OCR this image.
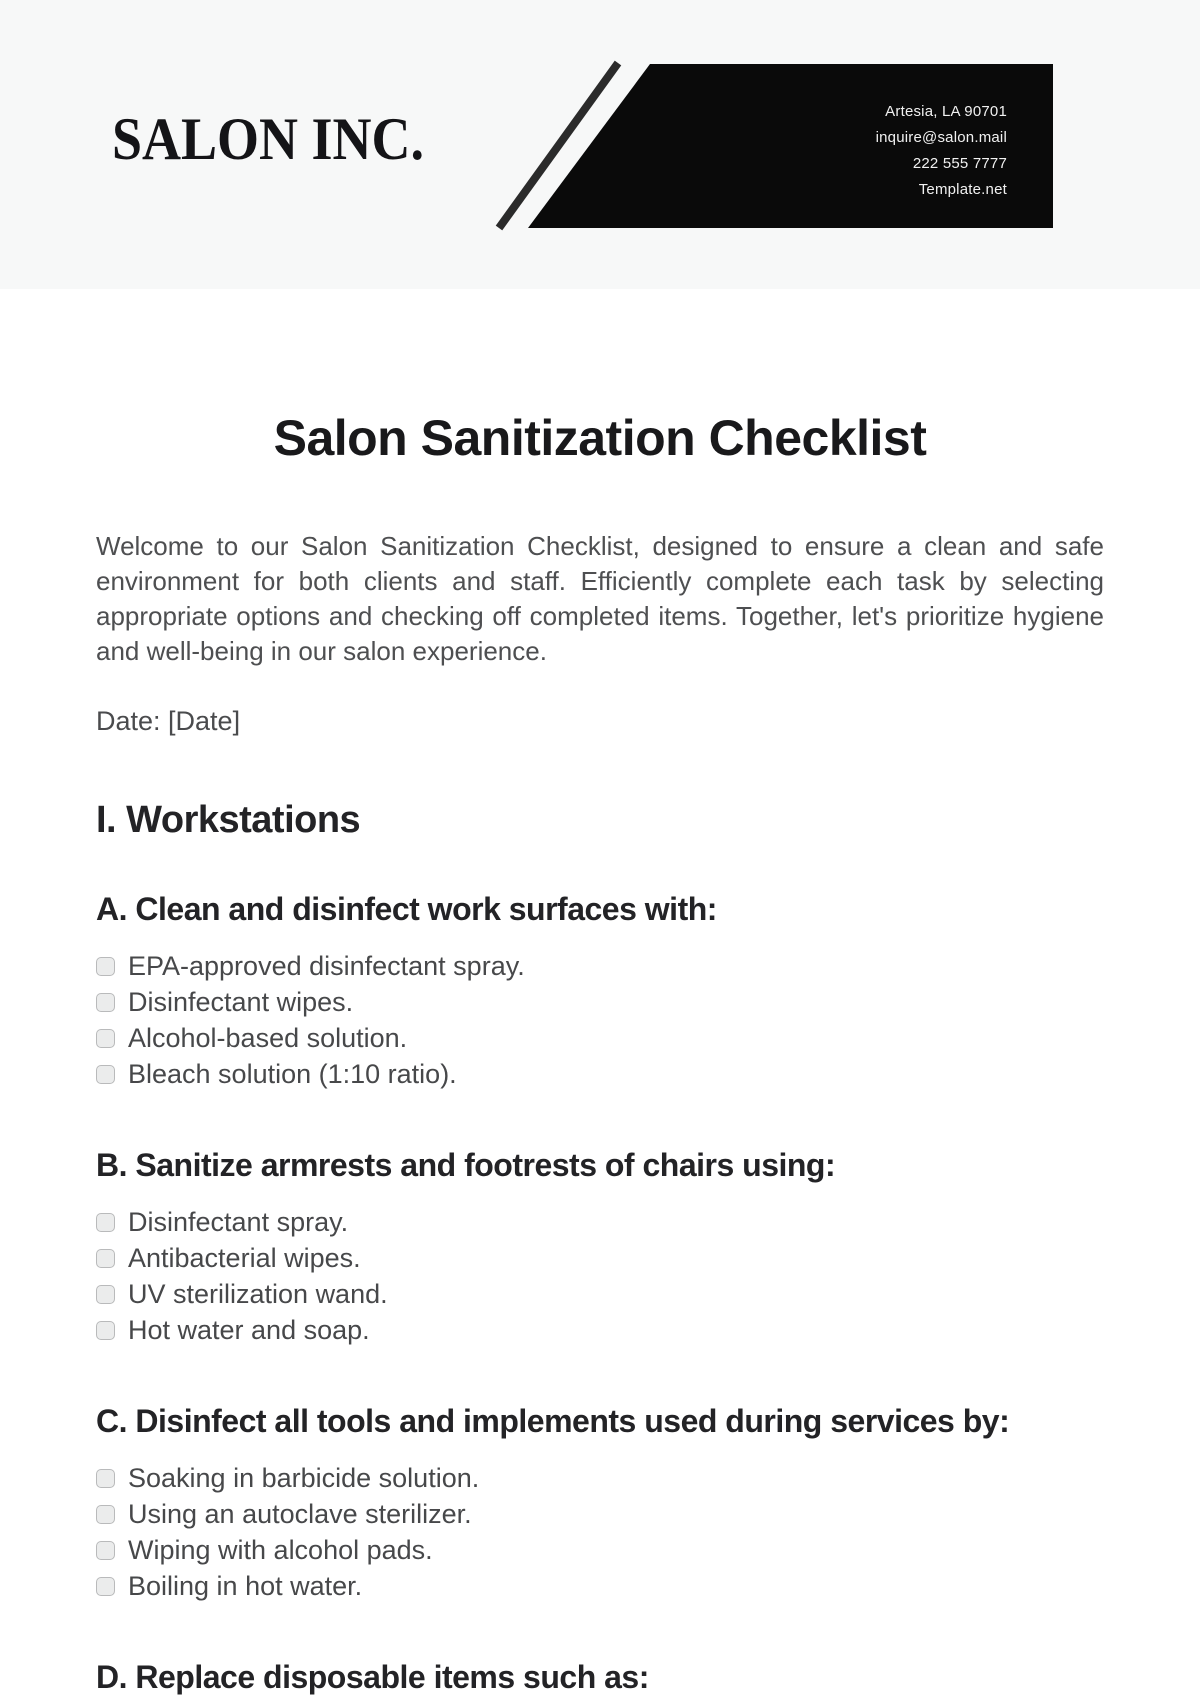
SALON INC.	Artesia, LA 90701
inquire@salon.mail
222 555 7777
Template.net
Salon Sanitization Checklist

Welcome to our Salon Sanitization Checklist, designed to ensure a clean and safe environment for both clients and staff. Efficiently complete each task by selecting appropriate options and checking off completed items. Together, let's prioritize hygiene and well-being in our salon experience.

Date: [Date]

I. Workstations
A. Clean and disinfect work surfaces with:
EPA-approved disinfectant spray.
Disinfectant wipes.
Alcohol-based solution.
Bleach solution (1:10 ratio).
B. Sanitize armrests and footrests of chairs using:
Disinfectant spray.
Antibacterial wipes.
UV sterilization wand.
Hot water and soap.
C. Disinfect all tools and implements used during services by:
Soaking in barbicide solution.
Using an autoclave sterilizer.
Wiping with alcohol pads.
Boiling in hot water.
D. Replace disposable items such as:
